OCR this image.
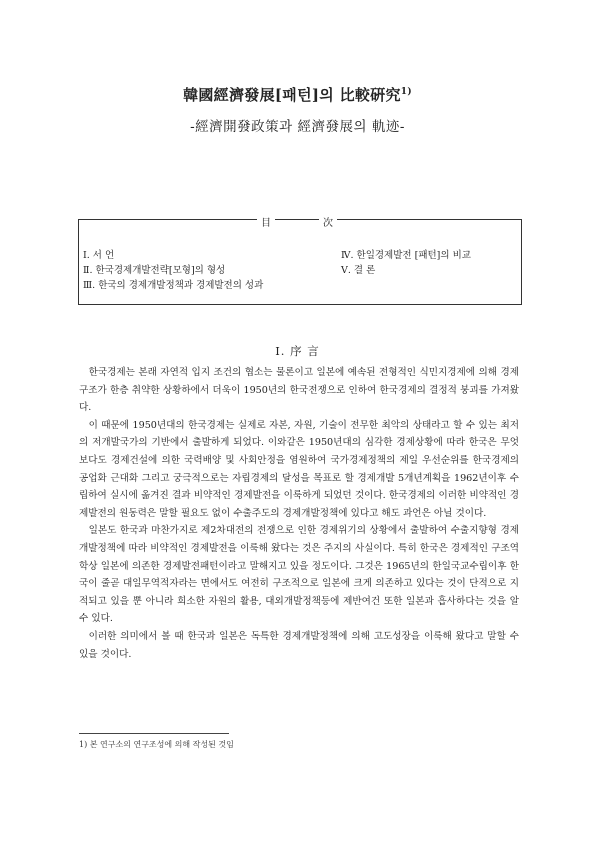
韓國經濟發展[패턴]의 比較硏究$^{1)}$
-經濟開發政策과 經濟發展의 軌迹-
目	次
Ⅰ. 서 언
Ⅱ. 한국경제개발전략[모형]의 형성
Ⅲ. 한국의 경제개발정책과 경제발전의 성과
Ⅳ. 한일경제발전 [패턴]의 비교
Ⅴ. 결 론
Ⅰ. 序 言

한국경제는 본래 자연적 입지 조건의 협소는 물론이고 일본에 예속된 전형적인 식민지경제에 의해 경제구조가 한층 취약한 상황하에서 더욱이 1950년의 한국전쟁으로 인하여 한국경제의 결정적 붕괴를 가져왔다.

이 때문에 1950년대의 한국경제는 실제로 자본, 자원, 기술이 전무한 최악의 상태라고 할 수 있는 최저의 저개발국가의 기반에서 출발하게 되었다. 이와같은 1950년대의 심각한 경제상황에 따라 한국은 무엇보다도 경제건설에 의한 국력배양 및 사회안정을 염원하여 국가경제정책의 제일 우선순위를 한국경제의 공업화 근대화 그리고 궁극적으로는 자립경제의 달성을 목표로 할 경제개발 5개년계획을 1962년이후 수립하여 실시에 옮겨진 결과 비약적인 경제발전을 이룩하게 되었던 것이다. 한국경제의 이러한 비약적인 경제발전의 원동력은 말할 필요도 없이 수출주도의 경제개발정책에 있다고 해도 과언은 아닐 것이다.

일본도 한국과 마찬가지로 제2차대전의 전쟁으로 인한 경제위기의 상황에서 출발하여 수출지향형 경제개발정책에 따라 비약적인 경제발전을 이룩해 왔다는 것은 주지의 사실이다. 특히 한국은 경제적인 구조역학상 일본에 의존한 경제발전패턴이라고 말해지고 있을 정도이다. 그것은 1965년의 한일국교수립이후 한국이 줄곧 대일무역적자라는 면에서도 여전히 구조적으로 일본에 크게 의존하고 있다는 것이 단적으로 지적되고 있을 뿐 아니라 희소한 자원의 활용, 대외개발정책등에 제반여건 또한 일본과 흡사하다는 것을 알 수 있다.

이러한 의미에서 볼 때 한국과 일본은 독특한 경제개발정책에 의해 고도성장을 이룩해 왔다고 말할 수 있을 것이다.

1) 본 연구소의 연구조성에 의해 작성된 것임
